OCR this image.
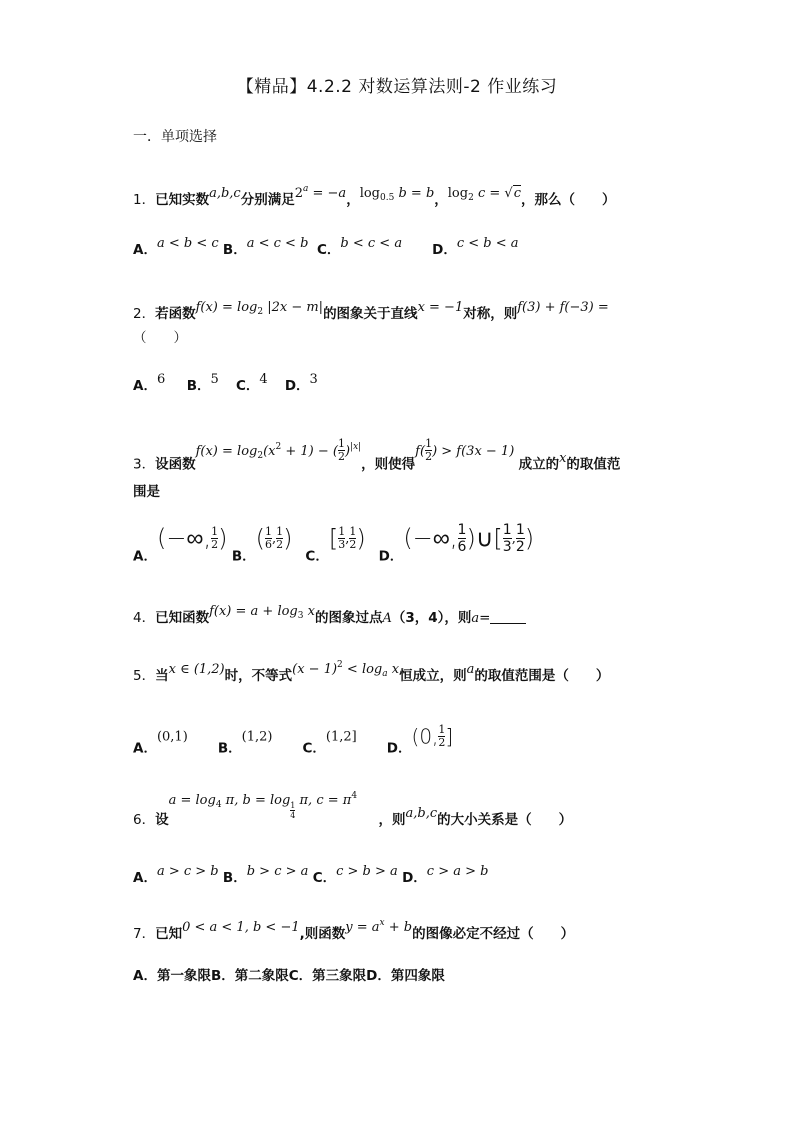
【精品】4.2.2 对数运算法则-2 作业练习
一．单项选择
1．已知实数a,b,c分别满足$2^a = -a$，$\log_{0.5} b = b$，$\log_2 c = √c$，那么（　　）
A．a < b < c B．a < c < b C．b < c < a D．c < b < a
2．若函数$f(x) = \log_2 |2x - m|$的图象关于直线x = −1对称，则f(3) + f(−3) =
（　　）
A．6 B．5 C．4 D．3
3．设函数$f(x) = \log_2(x^2 + 1)$ − ( $\frac{1}{2} )^{|x|}$，则使得$f( \frac{1}{2}$ ) > f(3x − 1) 成立的x的取值范
围是
A．(−∞, $\frac{1}{2}$ ) B．( $\frac{1}{6}$ , $\frac{1}{2}$ )   C．[ $\frac{1}{3}$ , $\frac{1}{2}$ )   D．(−∞, $\frac{1}{6}$ )∪[ $\frac{1}{3}$ , $\frac{1}{2}$ )
4．已知函数$f(x) = a + \log_3 x$的图象过点A（3，4），则a=
5．当x ∈ (1,2)时，不等式$(x - 1)^2 < \log_a x$恒成立，则a的取值范围是（　　）
A．(0,1)       B．(1,2)       C．(1,2]       D．(0, $\frac{1}{2}$ ]
6．设$a = \log_4 \pi$, b = log
$\frac{1}{4}$
π, $c = \pi^4$     ，则a,b,c的大小关系是（　　）
A．a > c > b B．b > c > a C．c > b > a D．c > a > b
7．已知0 < a < 1, b < −1,则函数$y = a^x + b$的图像必定不经过（　　）
A．第一象限B．第二象限C．第三象限D．第四象限
